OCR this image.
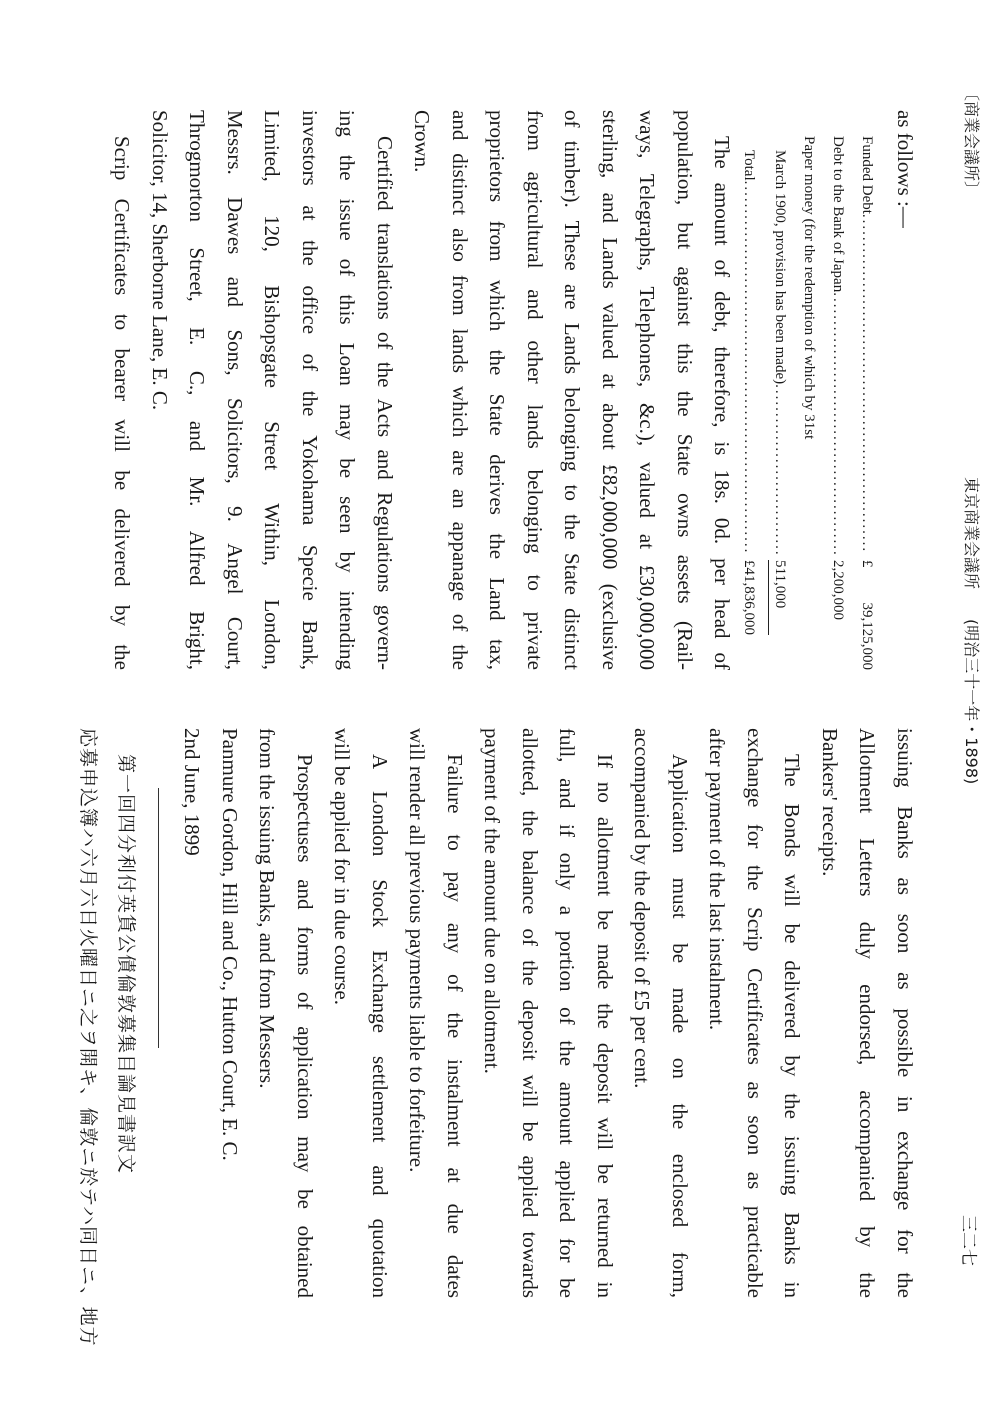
〔商業会議所〕
東京商業会議所
(明治三十一年・1898)
三二七
as follows :—
Funded Debt
.....
£ 39,125,000
Debt to the Bank of Japan
.....
2,200,000
Paper money (for the redemption of which by 31st
March 1900, provision has been made)
.....
511,000
Total
.....
£41,836,000
The amount of debt, therefore, is 18s. 0d. per head of
population, but against this the State owns assets (Rail-
ways, Telegraphs, Telephones, &c.), valued at £30,000,000
sterling, and Lands valued at about £82,000,000 (exclusive
of timber). These are Lands belonging to the State distinct
from agricultural and other lands belonging to private
proprietors from which the State derives the Land tax,
and distinct also from lands which are an appanage of the
Crown.
Certified translations of the Acts and Regulations govern-
ing the issue of this Loan may be seen by intending
investors at the office of the Yokohama Specie Bank,
Limited, 120, Bishopsgate Street Within, London,
Messrs. Dawes and Sons, Solicitors, 9. Angel Court,
Throgmorton Street, E. C., and Mr. Alfred Bright,
Solicitor, 14, Sherborne Lane, E. C.
Scrip Certificates to bearer will be delivered by the
issuing Banks as soon as possible in exchange for the
Allotment Letters duly endorsed, accompanied by the
Bankers' receipts.
The Bonds will be delivered by the issuing Banks in
exchange for the Scrip Certificates as soon as practicable
after payment of the last instalment.
Application must be made on the enclosed form,
accompanied by the deposit of £5 per cent.
If no allotment be made the deposit will be returned in
full, and if only a portion of the amount applied for be
allotted, the balance of the deposit will be applied towards
payment of the amount due on allotment.
Failure to pay any of the instalment at due dates
will render all previous payments liable to forfeiture.
A London Stock Exchange settlement and quotation
will be applied for in due course.
Prospectuses and forms of application may be obtained
from the issuing Banks, and from Messers.
Panmure Gordon, Hill and Co., Hutton Court, E. C.
2nd June, 1899
第一回四分利付英貨公債倫敦募集目論見書訳文
応募申込簿ハ六月六日火曜日ニ之ヲ開キ、倫敦ニ於テハ同日ニ、地方
